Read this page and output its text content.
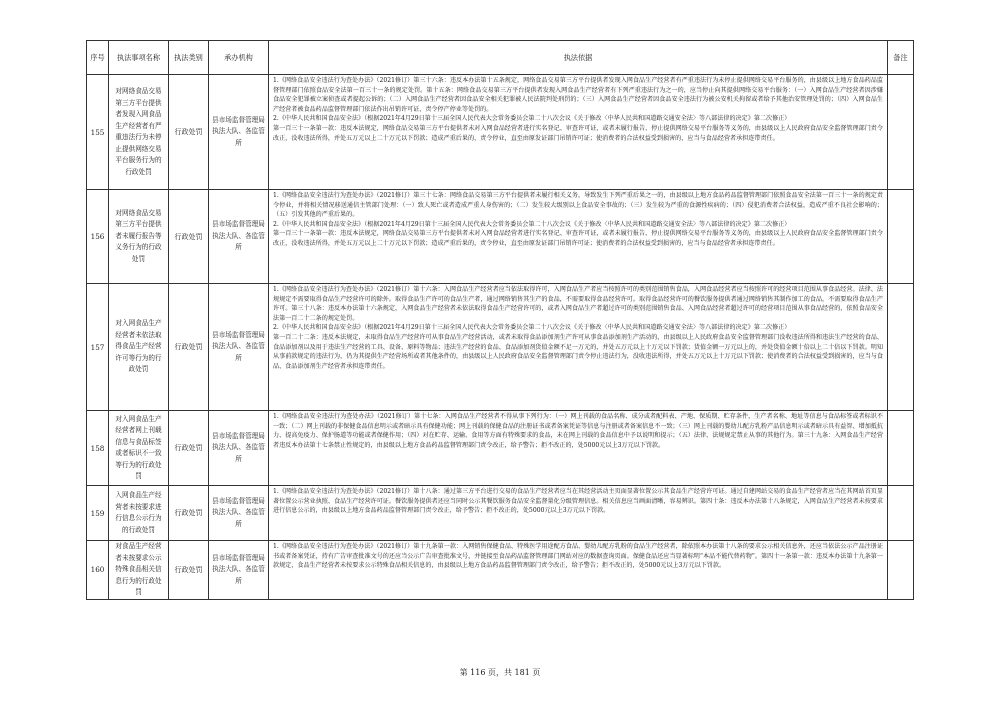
序号	执法事项名称	执法类别	承办机构	执法依据	备注
155	对网络食品交易第三方平台提供者发现入网食品生产经营者有严重违法行为未停止提供网络交易平台服务行为的行政处罚	行政处罚	县市场监督管理局执法大队、各监管所	1.《网络食品安全违法行为查处办法》（2021修订）第三十六条：违反本办法第十五条规定，网络食品交易第三方平台提供者发现入网食品生产经营者有严重违法行为未停止提供网络交易平台服务的，由县级以上地方食品药品监督管理部门依照食品安全法第一百三十一条的规定处罚。第十五条：网络食品交易第三方平台提供者发现入网食品生产经营者有下列严重违法行为之一的，应当停止向其提供网络交易平台服务：（一）入网食品生产经营者因涉嫌食品安全犯罪被立案侦查或者提起公诉的；（二）入网食品生产经营者因食品安全相关犯罪被人民法院判处刑罚的；（三）入网食品生产经营者因食品安全违法行为被公安机关拘留或者给予其他治安管理处罚的；（四）入网食品生产经营者被食品药品监督管理部门依法作出吊销许可证、责令停产停业等处罚的。

2.《中华人民共和国食品安全法》（根据2021年4月29日第十三届全国人民代表大会常务委员会第二十八次会议《关于修改〈中华人民共和国道路交通安全法〉等八部法律的决定》第二次修正）

第一百三十一条第一款：违反本法规定，网络食品交易第三方平台提供者未对入网食品经营者进行实名登记、审查许可证，或者未履行报告、停止提供网络交易平台服务等义务的，由县级以上人民政府食品安全监督管理部门责令改正，没收违法所得，并处五万元以上二十万元以下罚款；造成严重后果的，责令停业，直至由原发证部门吊销许可证；使消费者的合法权益受到损害的，应当与食品经营者承担连带责任。	

156	对网络食品交易第三方平台提供者未履行报告等义务行为的行政处罚	行政处罚	县市场监督管理局执法大队、各监管所	1.《网络食品安全违法行为查处办法》（2021修订）第三十七条：网络食品交易第三方平台提供者未履行相关义务，导致发生下列严重后果之一的，由县级以上地方食品药品监督管理部门依照食品安全法第一百三十一条的规定责令停业，并将相关情况移送通信主管部门处理：（一）致人死亡或者造成严重人身伤害的；（二）发生较大级别以上食品安全事故的；（三）发生较为严重的食源性疾病的；（四）侵犯消费者合法权益，造成严重不良社会影响的；（五）引发其他的严重后果的。

2.《中华人民共和国食品安全法》（根据2021年4月29日第十三届全国人民代表大会常务委员会第二十八次会议《关于修改〈中华人民共和国道路交通安全法〉等八部法律的决定》第二次修正）

第一百三十一条第一款：违反本法规定，网络食品交易第三方平台提供者未对入网食品经营者进行实名登记、审查许可证，或者未履行报告、停止提供网络交易平台服务等义务的，由县级以上人民政府食品安全监督管理部门责令改正，没收违法所得，并处五万元以上二十万元以下罚款；造成严重后果的，责令停业，直至由原发证部门吊销许可证；使消费者的合法权益受到损害的，应当与食品经营者承担连带责任。	

157	对入网食品生产经营者未依法取得食品生产经营许可等行为的行政处罚	行政处罚	县市场监督管理局执法大队、各监管所	1.《网络食品安全违法行为查处办法》（2021修订）第十六条：入网食品生产经营者应当依法取得许可，入网食品生产者应当按照许可的类别范围销售食品，入网食品经营者应当按照许可的经营项目范围从事食品经营。法律、法规规定不需要取得食品生产经营许可的除外。取得食品生产许可的食品生产者，通过网络销售其生产的食品，不需要取得食品经营许可。取得食品经营许可的餐饮服务提供者通过网络销售其制作加工的食品，不需要取得食品生产许可。第三十八条：违反本办法第十六条规定，入网食品生产经营者未依法取得食品生产经营许可的，或者入网食品生产者超过许可的类别范围销售食品、入网食品经营者超过许可的经营项目范围从事食品经营的，依照食品安全法第一百二十二条的规定处罚。

2.《中华人民共和国食品安全法》（根据2021年4月29日第十三届全国人民代表大会常务委员会第二十八次会议《关于修改〈中华人民共和国道路交通安全法〉等八部法律的决定》第二次修正）

第一百二十二条：违反本法规定，未取得食品生产经营许可从事食品生产经营活动，或者未取得食品添加剂生产许可从事食品添加剂生产活动的，由县级以上人民政府食品安全监督管理部门没收违法所得和违法生产经营的食品、食品添加剂以及用于违法生产经营的工具、设备、原料等物品；违法生产经营的食品、食品添加剂货值金额不足一万元的，并处五万元以上十万元以下罚款；货值金额一万元以上的，并处货值金额十倍以上二十倍以下罚款。明知从事前款规定的违法行为，仍为其提供生产经营场所或者其他条件的，由县级以上人民政府食品安全监督管理部门责令停止违法行为，没收违法所得，并处五万元以上十万元以下罚款；使消费者的合法权益受到损害的，应当与食品、食品添加剂生产经营者承担连带责任。	

158	对入网食品生产经营者网上刊载信息与食品标签或者标识不一致等行为的行政处罚	行政处罚	县市场监督管理局执法大队、各监管所	1.《网络食品安全违法行为查处办法》（2021修订）第十七条：入网食品生产经营者不得从事下列行为：（一）网上刊载的食品名称、成分或者配料表、产地、保质期、贮存条件，生产者名称、地址等信息与食品标签或者标识不一致；（二）网上刊载的非保健食品信息明示或者暗示具有保健功能；网上刊载的保健食品的注册证书或者备案凭证等信息与注册或者备案信息不一致；（三）网上刊载的婴幼儿配方乳粉产品信息明示或者暗示具有益智、增加抵抗力、提高免疫力、保护肠道等功能或者保健作用；（四）对在贮存、运输、食用等方面有特殊要求的食品，未在网上刊载的食品信息中予以说明和提示；（五）法律、法规规定禁止从事的其他行为。第三十九条：入网食品生产经营者违反本办法第十七条禁止性规定的，由县级以上地方食品药品监督管理部门责令改正，给予警告；拒不改正的，处5000元以上3万元以下罚款。	

159	入网食品生产经营者未按要求进行信息公示行为的行政处罚	行政处罚	县市场监督管理局执法大队、各监管所	1.《网络食品安全违法行为查处办法》（2021修订）第十八条：通过第三方平台进行交易的食品生产经营者应当在其经营活动主页面显著位置公示其食品生产经营许可证。通过自建网站交易的食品生产经营者应当在其网站首页显著位置公示营业执照、食品生产经营许可证。餐饮服务提供者还应当同时公示其餐饮服务食品安全监督量化分级管理信息。相关信息应当画面清晰，容易辨识。第四十条：违反本办法第十八条规定，入网食品生产经营者未按要求进行信息公示的，由县级以上地方食品药品监督管理部门责令改正，给予警告；拒不改正的，处5000元以上3万元以下罚款。	

160	对食品生产经营者未按要求公示特殊食品相关信息行为的行政处罚	行政处罚	县市场监督管理局执法大队、各监管所	1.《网络食品安全违法行为查处办法》（2021修订）第十九条第一款：入网销售保健食品、特殊医学用途配方食品、婴幼儿配方乳粉的食品生产经营者，除依照本办法第十八条的要求公示相关信息外，还应当依法公示产品注册证书或者备案凭证，持有广告审查批准文号的还应当公示广告审查批准文号，并链接至食品药品监督管理部门网站对应的数据查询页面。保健食品还应当显著标明“本品不能代替药物”。第四十一条第一款：违反本办法第十九条第一款规定，食品生产经营者未按要求公示特殊食品相关信息的，由县级以上地方食品药品监督管理部门责令改正，给予警告；拒不改正的，处5000元以上3万元以下罚款。	

第 116 页，共 181 页
